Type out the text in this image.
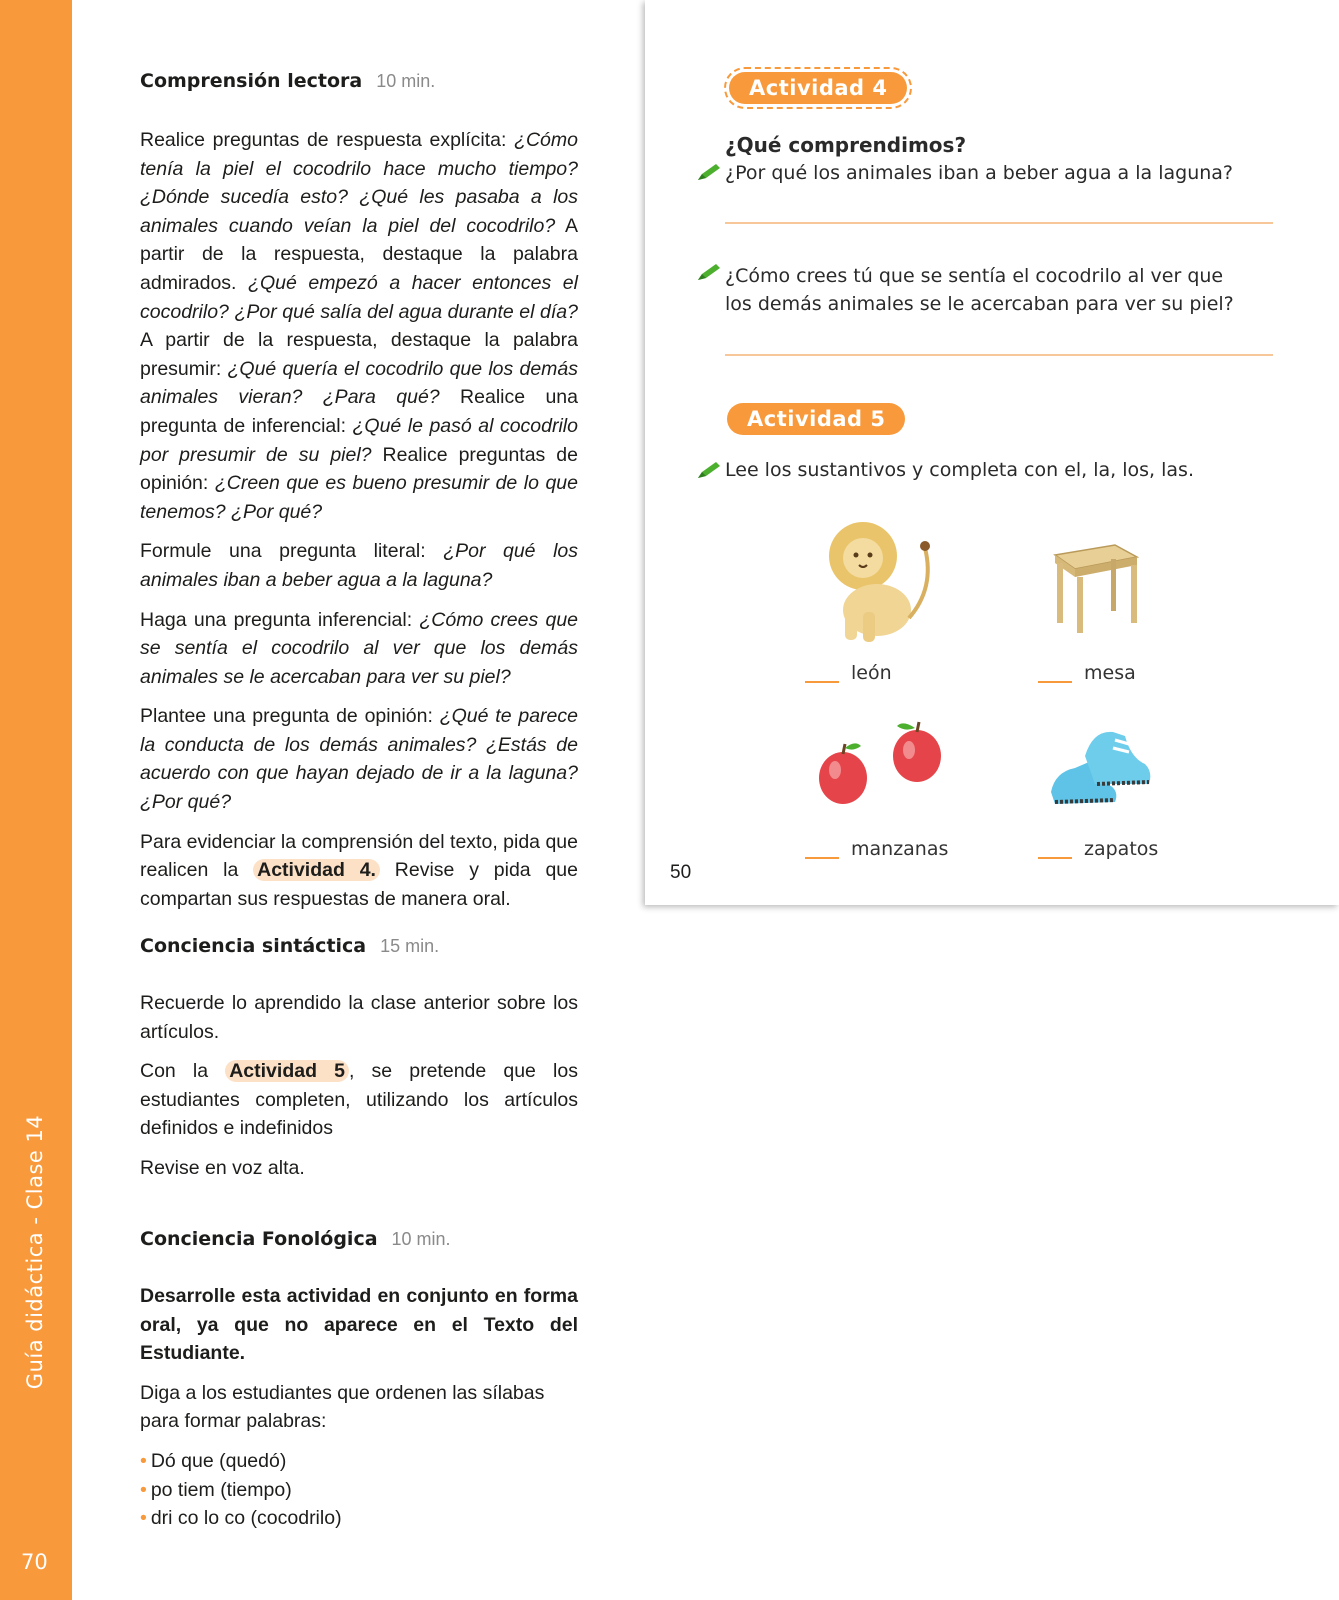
Guía didáctica - Clase 14
70
Comprensión lectora 10 min.

Realice preguntas de respuesta explícita: ¿Cómo tenía la piel el cocodrilo hace mucho tiempo? ¿Dónde sucedía esto? ¿Qué les pasaba a los animales cuando veían la piel del cocodrilo? A partir de la respuesta, destaque la palabra admirados. ¿Qué empezó a hacer entonces el cocodrilo? ¿Por qué salía del agua durante el día? A partir de la respuesta, destaque la palabra presumir: ¿Qué quería el cocodrilo que los demás animales vieran? ¿Para qué? Realice una pregunta de inferencial: ¿Qué le pasó al cocodrilo por presumir de su piel? Realice preguntas de opinión: ¿Creen que es bueno presumir de lo que tenemos? ¿Por qué?

Formule una pregunta literal: ¿Por qué los animales iban a beber agua a la laguna?

Haga una pregunta inferencial: ¿Cómo crees que se sentía el cocodrilo al ver que los demás animales se le acercaban para ver su piel?

Plantee una pregunta de opinión: ¿Qué te parece la conducta de los demás animales? ¿Estás de acuerdo con que hayan dejado de ir a la laguna? ¿Por qué?

Para evidenciar la comprensión del texto, pida que realicen la Actividad 4. Revise y pida que compartan sus respuestas de manera oral.

Conciencia sintáctica 15 min.

Recuerde lo aprendido la clase anterior sobre los artículos.

Con la Actividad 5 , se pretende que los estudiantes completen, utilizando los artículos definidos e indefinidos

Revise en voz alta.

Conciencia Fonológica 10 min.

Desarrolle esta actividad en conjunto en forma oral, ya que no aparece en el Texto del Estudiante.

Diga a los estudiantes que ordenen las sílabas para formar palabras:

• Dó que (quedó)
• po tiem (tiempo)
• dri co lo co (cocodrilo)
Actividad 4
¿Qué comprendimos?
¿Por qué los animales iban a beber agua a la laguna?
¿Cómo crees tú que se sentía el cocodrilo al ver que los demás animales se le acercaban para ver su piel?
Actividad 5
Lee los sustantivos y completa con el, la, los, las.
león	mesa
manzanas	zapatos
50
